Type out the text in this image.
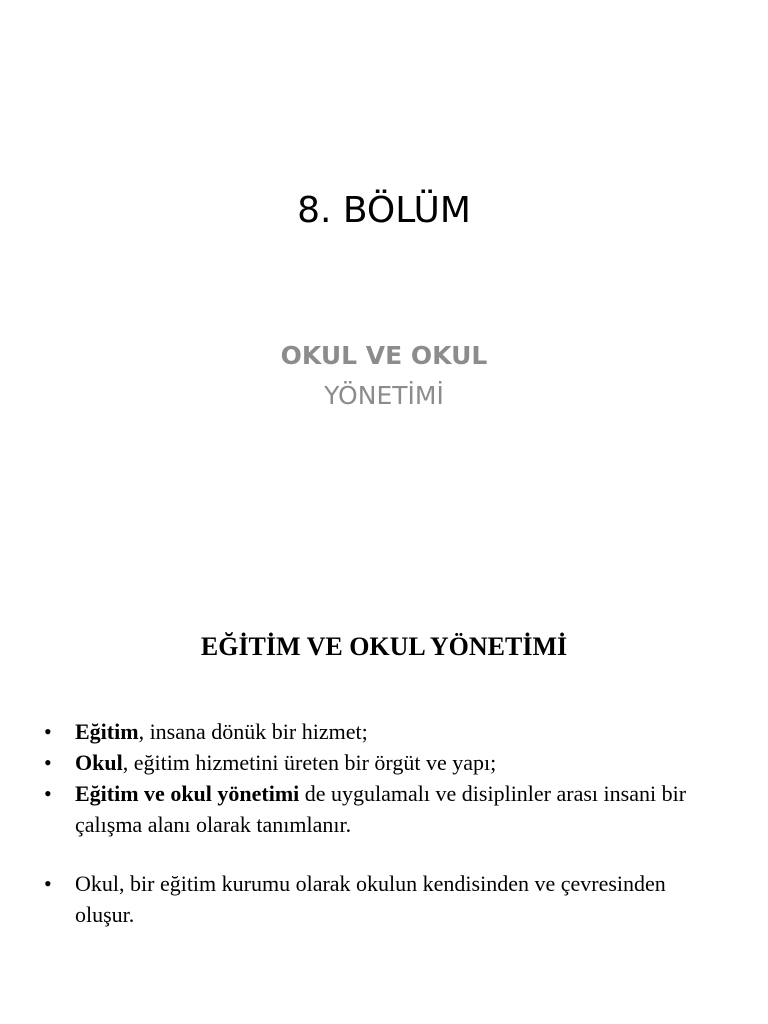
8. BÖLÜM
OKUL VE OKUL
YÖNETİMİ
EĞİTİM VE OKUL YÖNETİMİ
• Eğitim, insana dönük bir hizmet;
• Okul, eğitim hizmetini üreten bir örgüt ve yapı;
• Eğitim ve okul yönetimi de uygulamalı ve disiplinler arası insani bir çalışma alanı olarak tanımlanır.
• Okul, bir eğitim kurumu olarak okulun kendisinden ve çevresinden oluşur.
